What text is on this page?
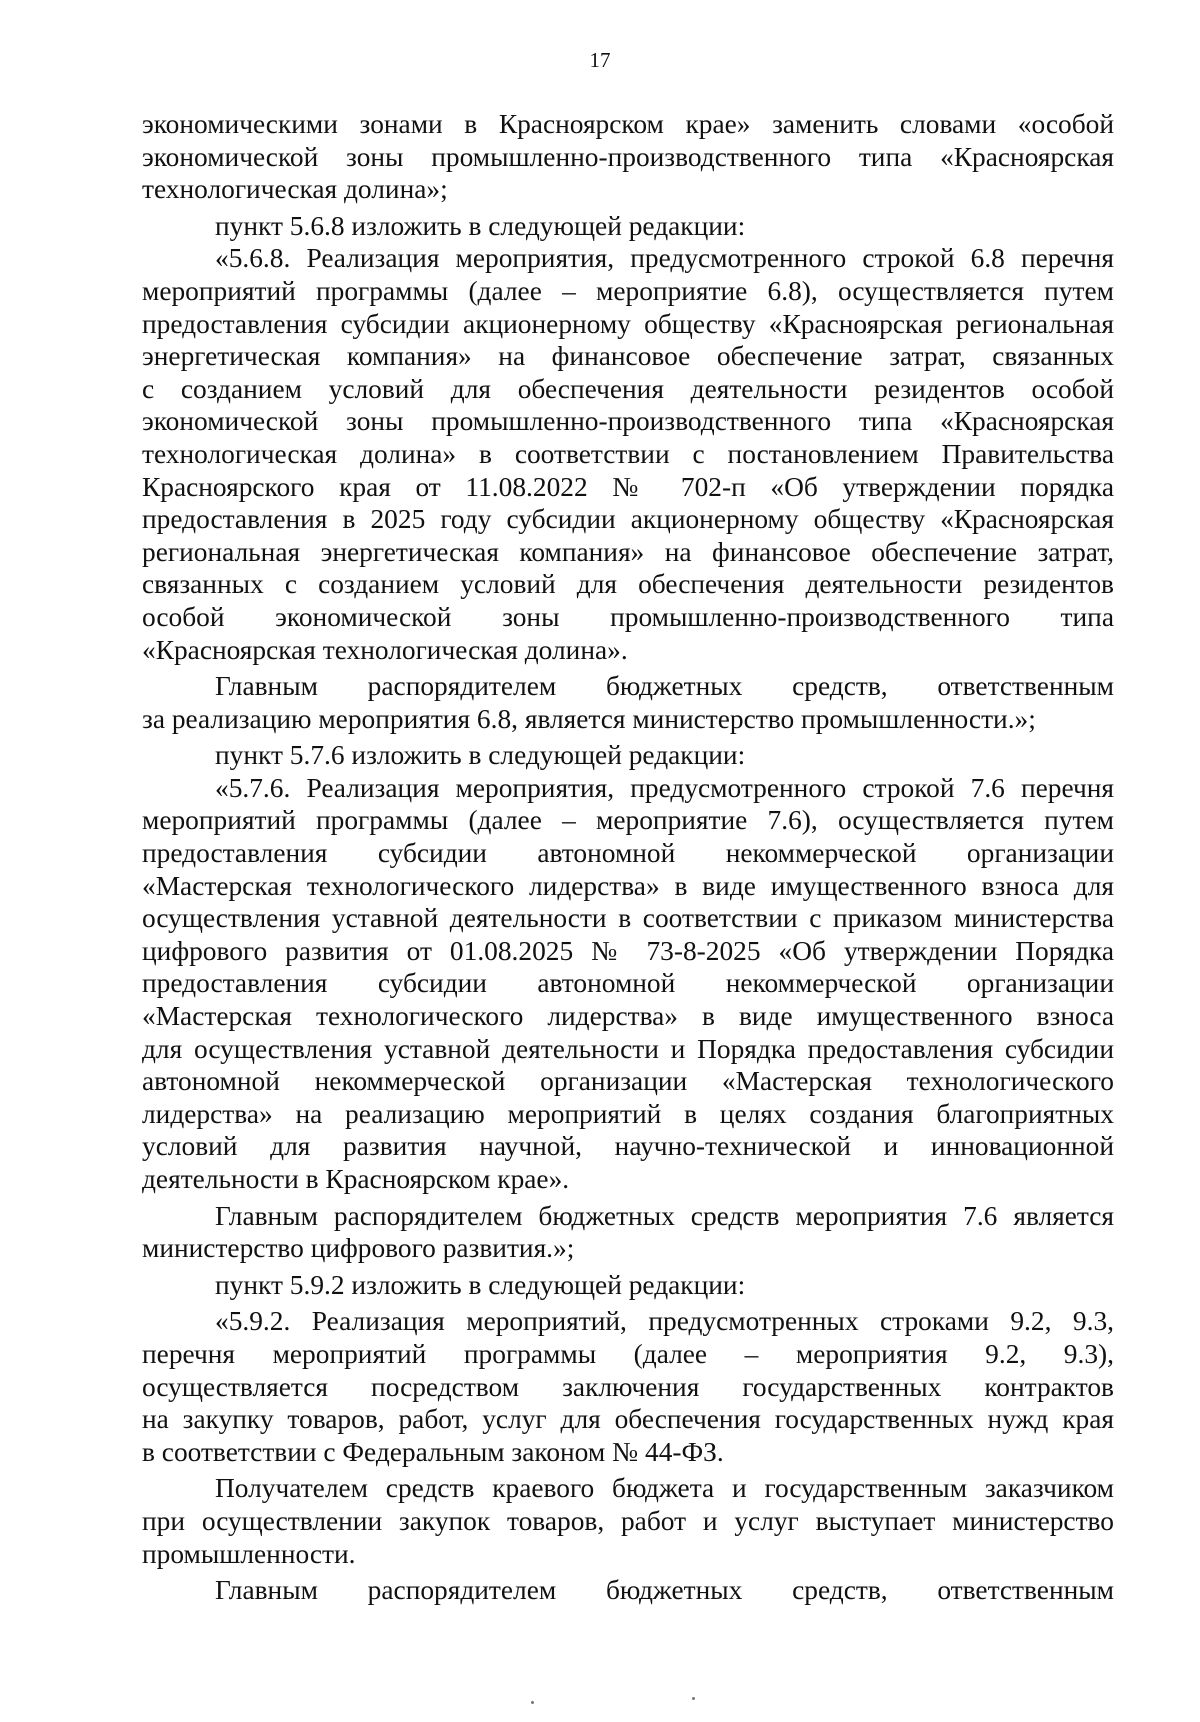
17
экономическими зонами в Красноярском крае» заменить словами «особой
экономической зоны промышленно-производственного типа «Красноярская
технологическая долина»;
пункт 5.6.8 изложить в следующей редакции:
«5.6.8. Реализация мероприятия, предусмотренного строкой 6.8 перечня
мероприятий программы (далее – мероприятие 6.8), осуществляется путем
предоставления субсидии акционерному обществу «Красноярская региональная
энергетическая компания» на финансовое обеспечение затрат, связанных
с созданием условий для обеспечения деятельности резидентов особой
экономической зоны промышленно-производственного типа «Красноярская
технологическая долина» в соответствии с постановлением Правительства
Красноярского края от 11.08.2022 № 702-п «Об утверждении порядка
предоставления в 2025 году субсидии акционерному обществу «Красноярская
региональная энергетическая компания» на финансовое обеспечение затрат,
связанных с созданием условий для обеспечения деятельности резидентов
особой экономической зоны промышленно-производственного типа
«Красноярская технологическая долина».
Главным распорядителем бюджетных средств, ответственным
за реализацию мероприятия 6.8, является министерство промышленности.»;
пункт 5.7.6 изложить в следующей редакции:
«5.7.6. Реализация мероприятия, предусмотренного строкой 7.6 перечня
мероприятий программы (далее – мероприятие 7.6), осуществляется путем
предоставления субсидии автономной некоммерческой организации
«Мастерская технологического лидерства» в виде имущественного взноса для
осуществления уставной деятельности в соответствии с приказом министерства
цифрового развития от 01.08.2025 № 73-8-2025 «Об утверждении Порядка
предоставления субсидии автономной некоммерческой организации
«Мастерская технологического лидерства» в виде имущественного взноса
для осуществления уставной деятельности и Порядка предоставления субсидии
автономной некоммерческой организации «Мастерская технологического
лидерства» на реализацию мероприятий в целях создания благоприятных
условий для развития научной, научно-технической и инновационной
деятельности в Красноярском крае».
Главным распорядителем бюджетных средств мероприятия 7.6 является
министерство цифрового развития.»;
пункт 5.9.2 изложить в следующей редакции:
«5.9.2. Реализация мероприятий, предусмотренных строками 9.2, 9.3,
перечня мероприятий программы (далее – мероприятия 9.2, 9.3),
осуществляется посредством заключения государственных контрактов
на закупку товаров, работ, услуг для обеспечения государственных нужд края
в соответствии с Федеральным законом № 44-ФЗ.
Получателем средств краевого бюджета и государственным заказчиком
при осуществлении закупок товаров, работ и услуг выступает министерство
промышленности.
Главным распорядителем бюджетных средств, ответственным
